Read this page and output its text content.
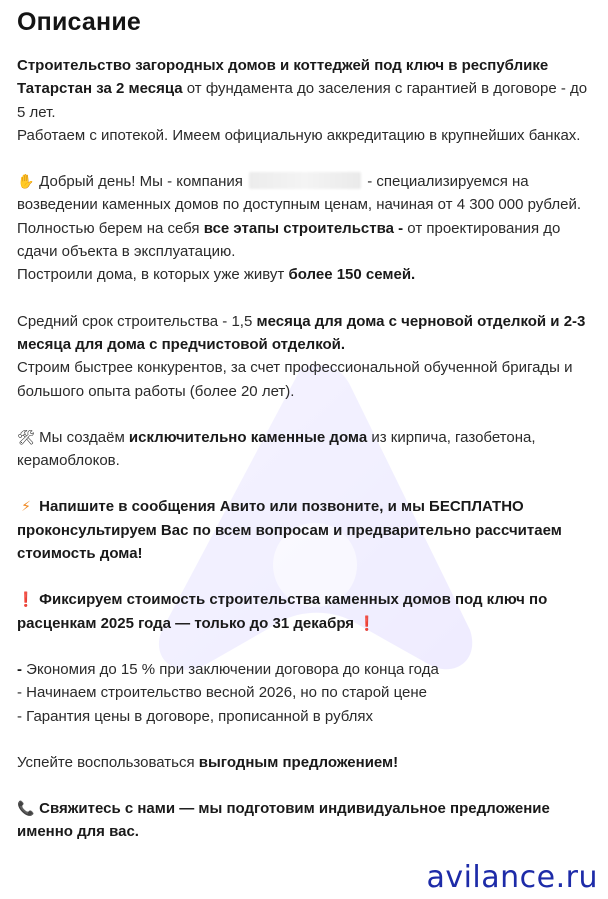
Описание

Строительство загородных домов и коттеджей под ключ в республике Татарстан за 2 месяца от фундамента до заселения с гарантией в договоре - до 5 лет.

Работаем с ипотекой. Имеем официальную аккредитацию в крупнейших банках.

✋ Добрый день! Мы - компания	- специализируемся на возведении каменных домов по доступным ценам, начиная от 4 300 000 рублей.

Полностью берем на себя все этапы строительства - от проектирования до сдачи объекта в эксплуатацию.

Построили дома, в которых уже живут более 150 семей.

Средний срок строительства - 1,5 месяца для дома с черновой отделкой и 2-3 месяца для дома с предчистовой отделкой.

Строим быстрее конкурентов, за счет профессиональной обученной бригады и большого опыта работы (более 20 лет).

🛠 Мы создаём исключительно каменные дома из кирпича, газобетона, керамоблоков.

⚡ Напишите в сообщения Авито или позвоните, и мы БЕСПЛАТНО проконсультируем Вас по всем вопросам и предварительно рассчитаем стоимость дома!

❗ Фиксируем стоимость строительства каменных домов под ключ по расценкам 2025 года — только до 31 декабря ❗

- Экономия до 15 % при заключении договора до конца года

- Начинаем строительство весной 2026, но по старой цене

- Гарантия цены в договоре, прописанной в рублях

Успейте воспользоваться выгодным предложением!

📞 Свяжитесь с нами — мы подготовим индивидуальное предложение именно для вас.

avilance.ru
